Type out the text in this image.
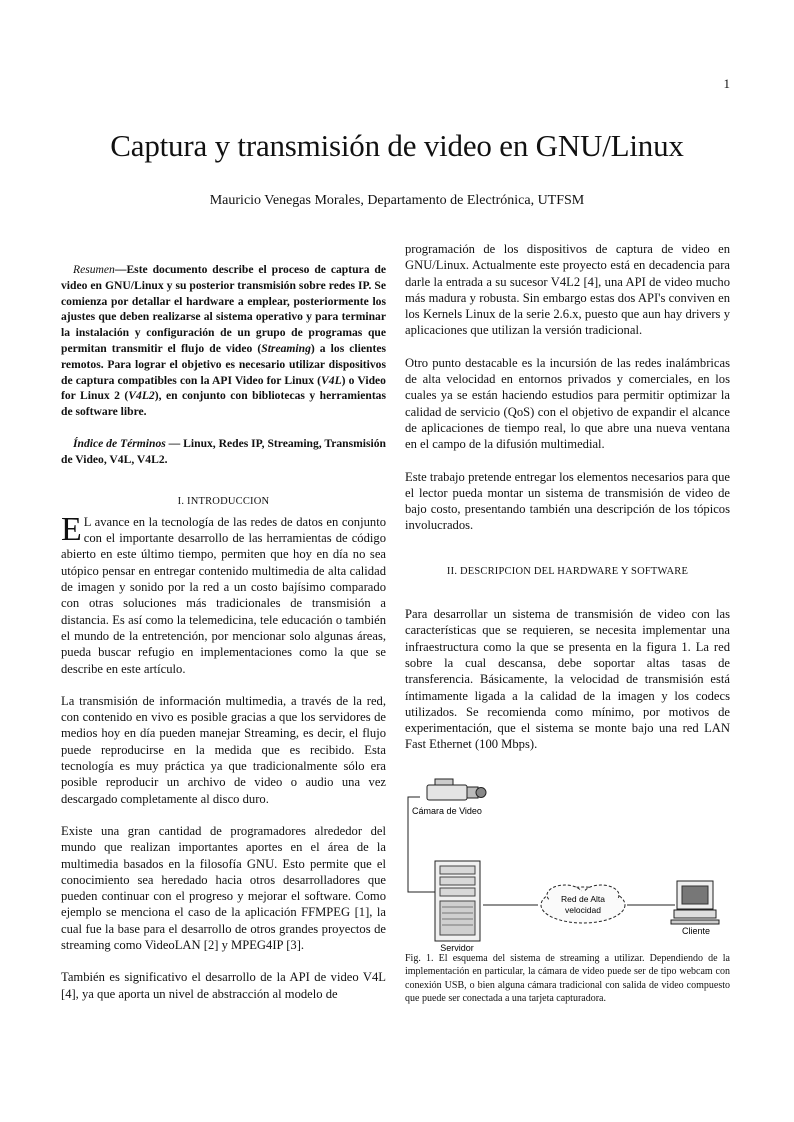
1
Captura y transmisión de video en GNU/Linux
Mauricio Venegas Morales, Departamento de Electrónica, UTFSM

Resumen—Este documento describe el proceso de captura de video en GNU/Linux y su posterior transmisión sobre redes IP. Se comienza por detallar el hardware a emplear, posteriormente los ajustes que deben realizarse al sistema operativo y para terminar la instalación y configuración de un grupo de programas que permitan transmitir el flujo de video (Streaming) a los clientes remotos. Para lograr el objetivo es necesario utilizar dispositivos de captura compatibles con la API Video for Linux (V4L) o Video for Linux 2 (V4L2), en conjunto con bibliotecas y herramientas de software libre.

Índice de Términos — Linux, Redes IP, Streaming, Transmisión de Video, V4L, V4L2.

I. INTRODUCCION

E L avance en la tecnología de las redes de datos en conjunto con el importante desarrollo de las herramientas de código abierto en este último tiempo, permiten que hoy en día no sea utópico pensar en entregar contenido multimedia de alta calidad de imagen y sonido por la red a un costo bajísimo comparado con otras soluciones más tradicionales de transmisión a distancia. Es así como la telemedicina, tele educación o también el mundo de la entretención, por mencionar solo algunas áreas, pueda buscar refugio en implementaciones como la que se describe en este artículo.

La transmisión de información multimedia, a través de la red, con contenido en vivo es posible gracias a que los servidores de medios hoy en día pueden manejar Streaming, es decir, el flujo puede reproducirse en la medida que es recibido. Esta tecnología es muy práctica ya que tradicionalmente sólo era posible reproducir un archivo de video o audio una vez descargado completamente al disco duro.

Existe una gran cantidad de programadores alrededor del mundo que realizan importantes aportes en el área de la multimedia basados en la filosofía GNU. Esto permite que el conocimiento sea heredado hacia otros desarrolladores que pueden continuar con el progreso y mejorar el software. Como ejemplo se menciona el caso de la aplicación FFMPEG [1], la cual fue la base para el desarrollo de otros grandes proyectos de streaming como VideoLAN [2] y MPEG4IP [3].

También es significativo el desarrollo de la API de video V4L [4], ya que aporta un nivel de abstracción al modelo de

programación de los dispositivos de captura de video en GNU/Linux. Actualmente este proyecto está en decadencia para darle la entrada a su sucesor V4L2 [4], una API de video mucho más madura y robusta. Sin embargo estas dos API's conviven en los Kernels Linux de la serie 2.6.x, puesto que aun hay drivers y aplicaciones que utilizan la versión tradicional.

Otro punto destacable es la incursión de las redes inalámbricas de alta velocidad en entornos privados y comerciales, en los cuales ya se están haciendo estudios para permitir optimizar la calidad de servicio (QoS) con el objetivo de expandir el alcance de aplicaciones de tiempo real, lo que abre una nueva ventana en el campo de la difusión multimedial.

Este trabajo pretende entregar los elementos necesarios para que el lector pueda montar un sistema de transmisión de video de bajo costo, presentando también una descripción de los tópicos involucrados.

II. DESCRIPCION DEL HARDWARE Y SOFTWARE

Para desarrollar un sistema de transmisión de video con las características que se requieren, se necesita implementar una infraestructura como la que se presenta en la figura 1. La red sobre la cual descansa, debe soportar altas tasas de transferencia. Básicamente, la velocidad de transmisión está íntimamente ligada a la calidad de la imagen y los codecs utilizados. Se recomienda como mínimo, por motivos de experimentación, que el sistema se monte bajo una red LAN Fast Ethernet (100 Mbps).

Cámara de Video
Servidor
Red de Alta
velocidad
Cliente
Fig. 1. El esquema del sistema de streaming a utilizar. Dependiendo de la implementación en particular, la cámara de video puede ser de tipo webcam con conexión USB, o bien alguna cámara tradicional con salida de video compuesto que puede ser conectada a una tarjeta capturadora.
